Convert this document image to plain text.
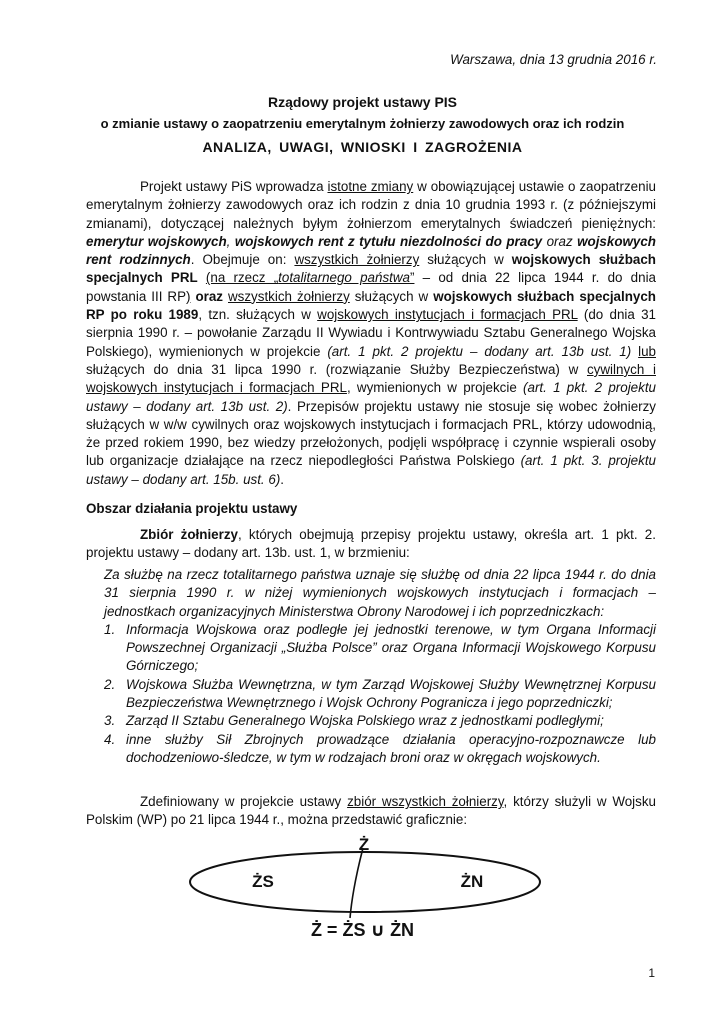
Warszawa, dnia 13 grudnia 2016 r.
Rządowy projekt ustawy PIS
o zmianie ustawy o zaopatrzeniu emerytalnym żołnierzy zawodowych oraz ich rodzin
ANALIZA, UWAGI, WNIOSKI I ZAGROŻENIA
Projekt ustawy PiS wprowadza istotne zmiany w obowiązującej ustawie o zaopatrzeniu emerytalnym żołnierzy zawodowych oraz ich rodzin z dnia 10 grudnia 1993 r. (z późniejszymi zmianami), dotyczącej należnych byłym żołnierzom emerytalnych świadczeń pieniężnych: emerytur wojskowych, wojskowych rent z tytułu niezdolności do pracy oraz wojskowych rent rodzinnych. Obejmuje on: wszystkich żołnierzy służących w wojskowych służbach specjalnych PRL (na rzecz „totalitarnego państwa” – od dnia 22 lipca 1944 r. do dnia powstania III RP) oraz wszystkich żołnierzy służących w wojskowych służbach specjalnych RP po roku 1989, tzn. służących w wojskowych instytucjach i formacjach PRL (do dnia 31 sierpnia 1990 r. – powołanie Zarządu II Wywiadu i Kontrwywiadu Sztabu Generalnego Wojska Polskiego), wymienionych w projekcie (art. 1 pkt. 2 projektu – dodany art. 13b ust. 1) lub służących do dnia 31 lipca 1990 r. (rozwiązanie Służby Bezpieczeństwa) w cywilnych i wojskowych instytucjach i formacjach PRL, wymienionych w projekcie (art. 1 pkt. 2 projektu ustawy – dodany art. 13b ust. 2). Przepisów projektu ustawy nie stosuje się wobec żołnierzy służących w w/w cywilnych oraz wojskowych instytucjach i formacjach PRL, którzy udowodnią, że przed rokiem 1990, bez wiedzy przełożonych, podjęli współpracę i czynnie wspierali osoby lub organizacje działające na rzecz niepodległości Państwa Polskiego (art. 1 pkt. 3. projektu ustawy – dodany art. 15b. ust. 6).
Obszar działania projektu ustawy
Zbiór żołnierzy, których obejmują przepisy projektu ustawy, określa art. 1 pkt. 2. projektu ustawy – dodany art. 13b. ust. 1, w brzmieniu:
Za służbę na rzecz totalitarnego państwa uznaje się służbę od dnia 22 lipca 1944 r. do dnia 31 sierpnia 1990 r. w niżej wymienionych wojskowych instytucjach i formacjach – jednostkach organizacyjnych Ministerstwa Obrony Narodowej i ich poprzedniczkach:
1. Informacja Wojskowa oraz podległe jej jednostki terenowe, w tym Organa Informacji Powszechnej Organizacji „Służba Polsce” oraz Organa Informacji Wojskowego Korpusu Górniczego;
2. Wojskowa Służba Wewnętrzna, w tym Zarząd Wojskowej Służby Wewnętrznej Korpusu Bezpieczeństwa Wewnętrznego i Wojsk Ochrony Pogranicza i jego poprzedniczki;
3. Zarząd II Sztabu Generalnego Wojska Polskiego wraz z jednostkami podległymi;
4. inne służby Sił Zbrojnych prowadzące działania operacyjno-rozpoznawcze lub dochodzeniowo-śledcze, w tym w rodzajach broni oraz w okręgach wojskowych.
Zdefiniowany w projekcie ustawy zbiór wszystkich żołnierzy, którzy służyli w Wojsku Polskim (WP) po 21 lipca 1944 r., można przedstawić graficznie:
Ż
ŻS	ŻN
Ż = ŻS ∪ ŻN
1
